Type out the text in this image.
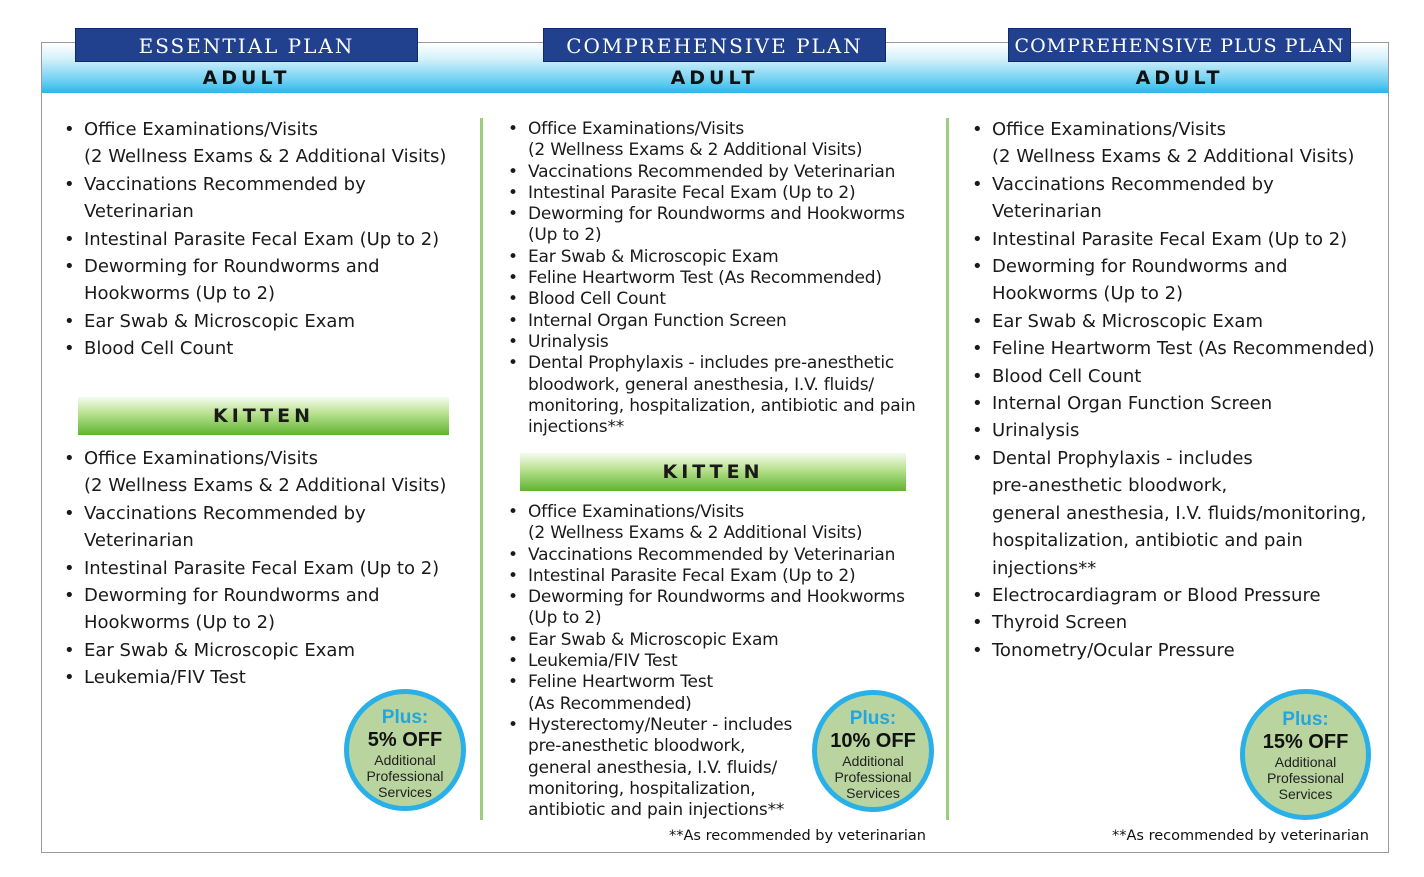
ESSENTIAL PLAN	COMPREHENSIVE PLAN	COMPREHENSIVE PLUS PLAN
ADULT	ADULT	ADULT
• Office Examinations/Visits
(2 Wellness Exams & 2 Additional Visits)
• Vaccinations Recommended by
Veterinarian
• Intestinal Parasite Fecal Exam (Up to 2)
• Deworming for Roundworms and
Hookworms (Up to 2)
• Ear Swab & Microscopic Exam
• Blood Cell Count
KITTEN
• Office Examinations/Visits
(2 Wellness Exams & 2 Additional Visits)
• Vaccinations Recommended by
Veterinarian
• Intestinal Parasite Fecal Exam (Up to 2)
• Deworming for Roundworms and
Hookworms (Up to 2)
• Ear Swab & Microscopic Exam
• Leukemia/FIV Test
Plus:
5% OFF
Additional
Professional
Services
• Office Examinations/Visits
(2 Wellness Exams & 2 Additional Visits)
• Vaccinations Recommended by Veterinarian
• Intestinal Parasite Fecal Exam (Up to 2)
• Deworming for Roundworms and Hookworms
(Up to 2)
• Ear Swab & Microscopic Exam
• Feline Heartworm Test (As Recommended)
• Blood Cell Count
• Internal Organ Function Screen
• Urinalysis
• Dental Prophylaxis - includes pre-anesthetic
bloodwork, general anesthesia, I.V. fluids/
monitoring, hospitalization, antibiotic and pain
injections**
KITTEN
• Office Examinations/Visits
(2 Wellness Exams & 2 Additional Visits)
• Vaccinations Recommended by Veterinarian
• Intestinal Parasite Fecal Exam (Up to 2)
• Deworming for Roundworms and Hookworms
(Up to 2)
• Ear Swab & Microscopic Exam
• Leukemia/FIV Test
• Feline Heartworm Test
(As Recommended)
• Hysterectomy/Neuter - includes
pre-anesthetic bloodwork,
general anesthesia, I.V. fluids/
monitoring, hospitalization,
antibiotic and pain injections**
Plus:
10% OFF
Additional
Professional
Services
**As recommended by veterinarian
• Office Examinations/Visits
(2 Wellness Exams & 2 Additional Visits)
• Vaccinations Recommended by
Veterinarian
• Intestinal Parasite Fecal Exam (Up to 2)
• Deworming for Roundworms and
Hookworms (Up to 2)
• Ear Swab & Microscopic Exam
• Feline Heartworm Test (As Recommended)
• Blood Cell Count
• Internal Organ Function Screen
• Urinalysis
• Dental Prophylaxis - includes
pre-anesthetic bloodwork,
general anesthesia, I.V. fluids/monitoring,
hospitalization, antibiotic and pain
injections**
• Electrocardiagram or Blood Pressure
• Thyroid Screen
• Tonometry/Ocular Pressure
Plus:
15% OFF
Additional
Professional
Services
**As recommended by veterinarian
